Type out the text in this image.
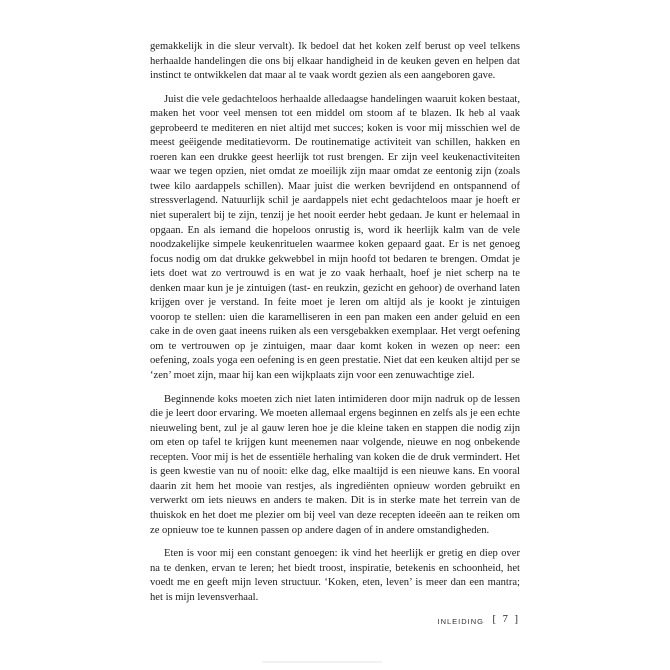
gemakkelijk in die sleur vervalt). Ik bedoel dat het koken zelf berust op veel telkens herhaalde handelingen die ons bij elkaar handigheid in de keuken geven en helpen dat instinct te ontwikkelen dat maar al te vaak wordt gezien als een aangeboren gave.

Juist die vele gedachteloos herhaalde alledaagse handelingen waaruit koken bestaat, maken het voor veel mensen tot een middel om stoom af te blazen. Ik heb al vaak geprobeerd te mediteren en niet altijd met succes; koken is voor mij misschien wel de meest geëigende meditatievorm. De routinematige activiteit van schillen, hakken en roeren kan een drukke geest heerlijk tot rust brengen. Er zijn veel keukenactiviteiten waar we tegen opzien, niet omdat ze moeilijk zijn maar omdat ze eentonig zijn (zoals twee kilo aardappels schillen). Maar juist die werken bevrijdend en ontspannend of stressverlagend. Natuurlijk schil je aardappels niet echt gedachteloos maar je hoeft er niet superalert bij te zijn, tenzij je het nooit eerder hebt gedaan. Je kunt er helemaal in opgaan. En als iemand die hopeloos onrustig is, word ik heerlijk kalm van de vele noodzakelijke simpele keukenrituelen waarmee koken gepaard gaat. Er is net genoeg focus nodig om dat drukke gekwebbel in mijn hoofd tot bedaren te brengen. Omdat je iets doet wat zo vertrouwd is en wat je zo vaak herhaalt, hoef je niet scherp na te denken maar kun je je zintuigen (tast- en reukzin, gezicht en gehoor) de overhand laten krijgen over je verstand. In feite moet je leren om altijd als je kookt je zintuigen voorop te stellen: uien die karamelliseren in een pan maken een ander geluid en een cake in de oven gaat ineens ruiken als een versgebakken exemplaar. Het vergt oefening om te vertrouwen op je zintuigen, maar daar komt koken in wezen op neer: een oefening, zoals yoga een oefening is en geen prestatie. Niet dat een keuken altijd per se ‘zen’ moet zijn, maar hij kan een wijkplaats zijn voor een zenuwachtige ziel.

Beginnende koks moeten zich niet laten intimideren door mijn nadruk op de lessen die je leert door ervaring. We moeten allemaal ergens beginnen en zelfs als je een echte nieuweling bent, zul je al gauw leren hoe je die kleine taken en stappen die nodig zijn om eten op tafel te krijgen kunt meenemen naar volgende, nieuwe en nog onbekende recepten. Voor mij is het de essentiële herhaling van koken die de druk vermindert. Het is geen kwestie van nu of nooit: elke dag, elke maaltijd is een nieuwe kans. En vooral daarin zit hem het mooie van restjes, als ingrediënten opnieuw worden gebruikt en verwerkt om iets nieuws en anders te maken. Dit is in sterke mate het terrein van de thuiskok en het doet me plezier om bij veel van deze recepten ideeën aan te reiken om ze opnieuw toe te kunnen passen op andere dagen of in andere omstandigheden.

Eten is voor mij een constant genoegen: ik vind het heerlijk er gretig en diep over na te denken, ervan te leren; het biedt troost, inspiratie, betekenis en schoonheid, het voedt me en geeft mijn leven structuur. ‘Koken, eten, leven’ is meer dan een mantra; het is mijn levensverhaal.

INLEIDING [ 7 ]
